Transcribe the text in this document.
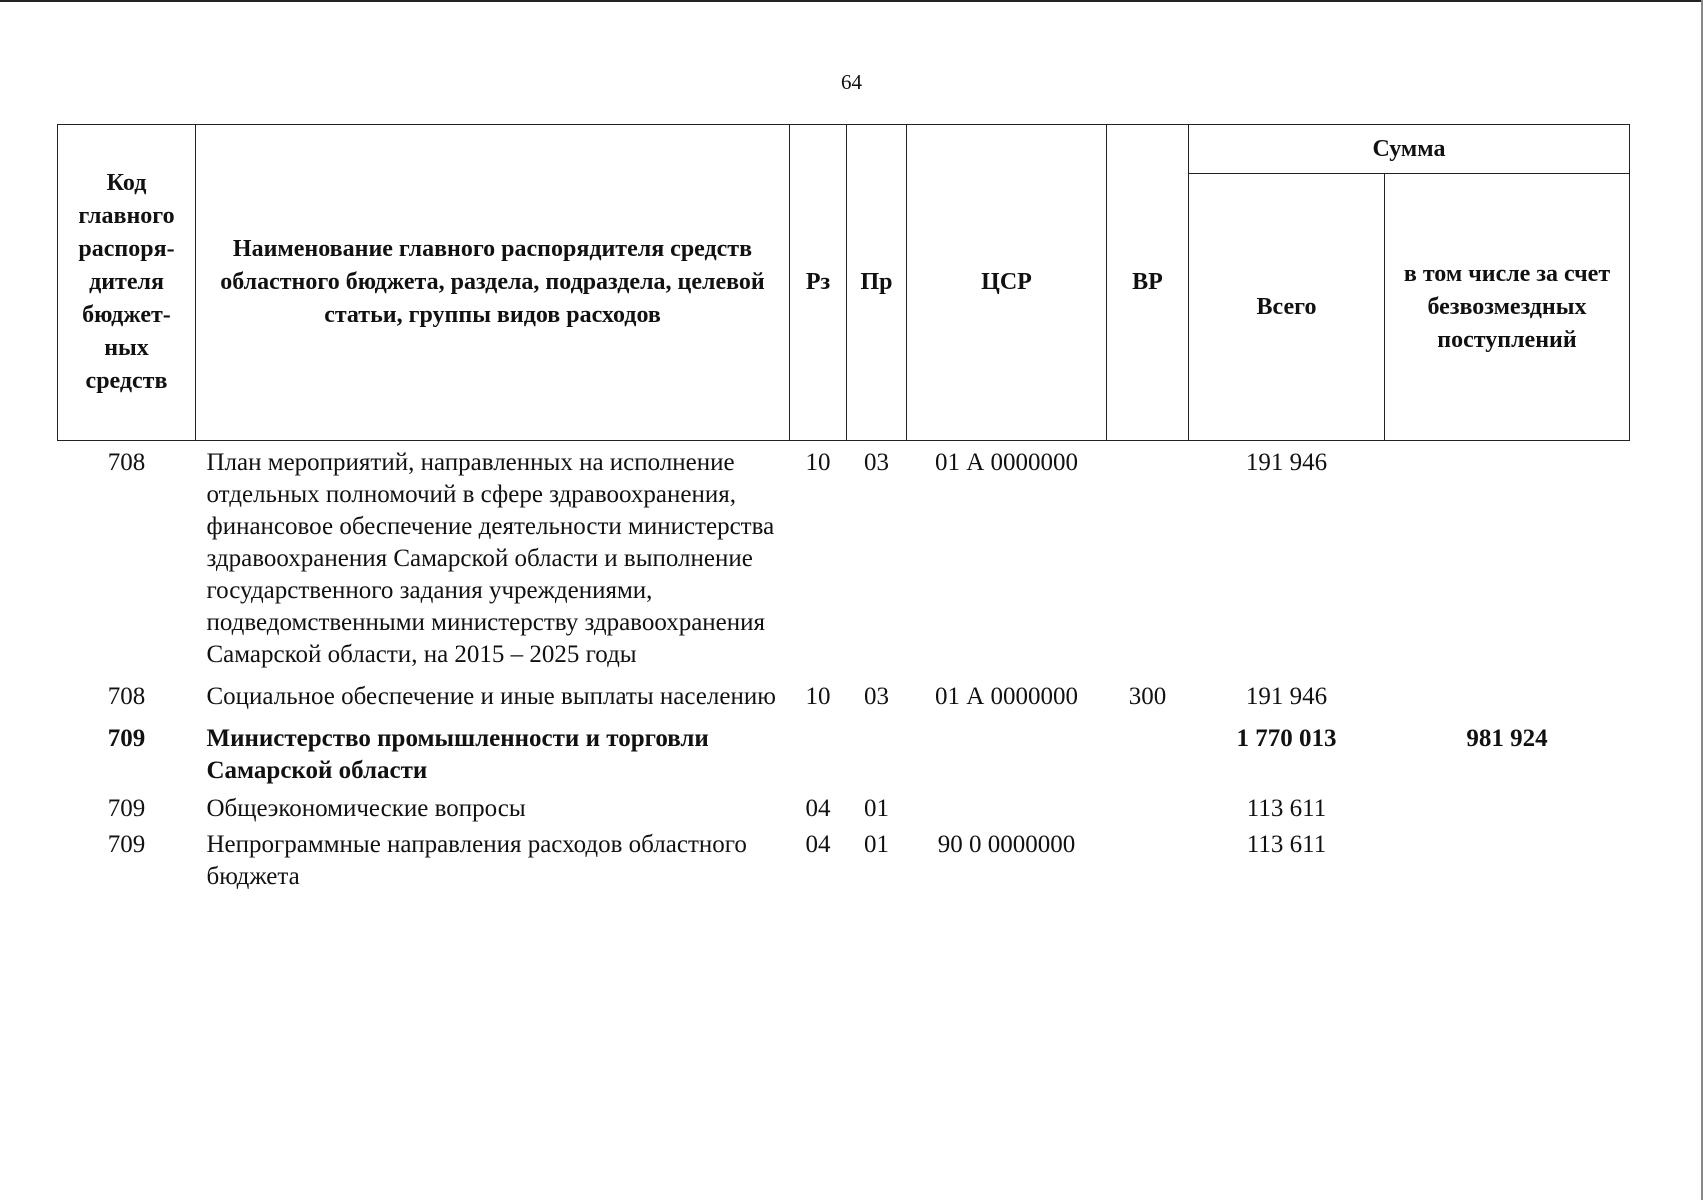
64
Код главного распоря-дителя бюджет-ных средств	Наименование главного распорядителя средств областного бюджета, раздела, подраздела, целевой статьи, группы видов расходов	Рз	Пр	ЦСР	ВР	Сумма	
						Всего	в том числе за счет безвозмездных поступлений
708	План мероприятий, направленных на исполнение отдельных полномочий в сфере здравоохранения, финансовое обеспечение деятельности министерства здравоохранения Самарской области и выполнение государственного задания учреждениями, подведомственными министерству здравоохранения Самарской области, на 2015 – 2025 годы	10	03	01 А 0000000		191 946	
708	Социальное обеспечение и иные выплаты населению	10	03	01 А 0000000	300	191 946	
709	Министерство промышленности и торговли Самарской области					1 770 013	981 924
709	Общеэкономические вопросы	04	01			113 611	
709	Непрограммные направления расходов областного бюджета	04	01	90 0 0000000		113 611	
